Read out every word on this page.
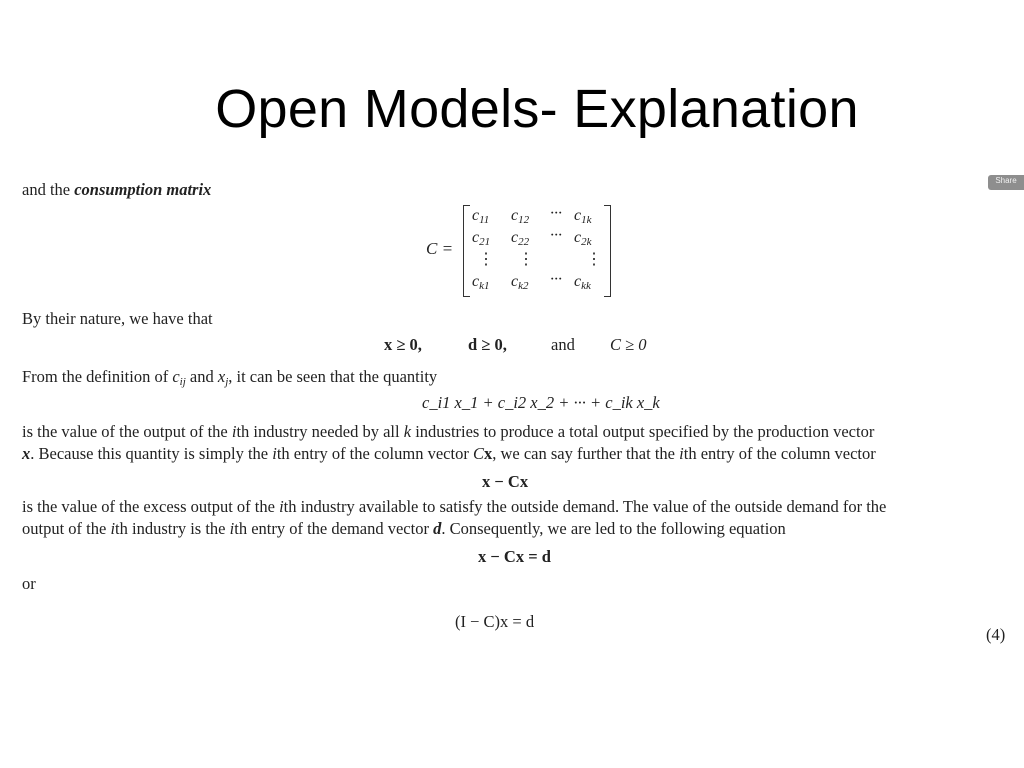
Open Models- Explanation
Share
and the consumption matrix
C =
$c_{11}$ $c_{12}$ ··· $c_{1k}$
$c_{21}$ $c_{22}$ ··· $c_{2k}$
⋮ ⋮	⋮
$c_{k1}$ $c_{k2}$ ··· $c_{kk}$
By their nature, we have that
x ≥ 0,	d ≥ 0,	and C ≥ 0
From the definition of $c_{ij}$ and $x_j$, it can be seen that the quantity
c_i1 x_1 + c_i2 x_2 + ··· + c_ik x_k
is the value of the output of the ith industry needed by all k industries to produce a total output specified by the production vector
x. Because this quantity is simply the ith entry of the column vector Cx, we can say further that the ith entry of the column vector
x − Cx
is the value of the excess output of the ith industry available to satisfy the outside demand. The value of the outside demand for the
output of the ith industry is the ith entry of the demand vector d. Consequently, we are led to the following equation
x − Cx = d
or
(I − C)x = d
(4)
